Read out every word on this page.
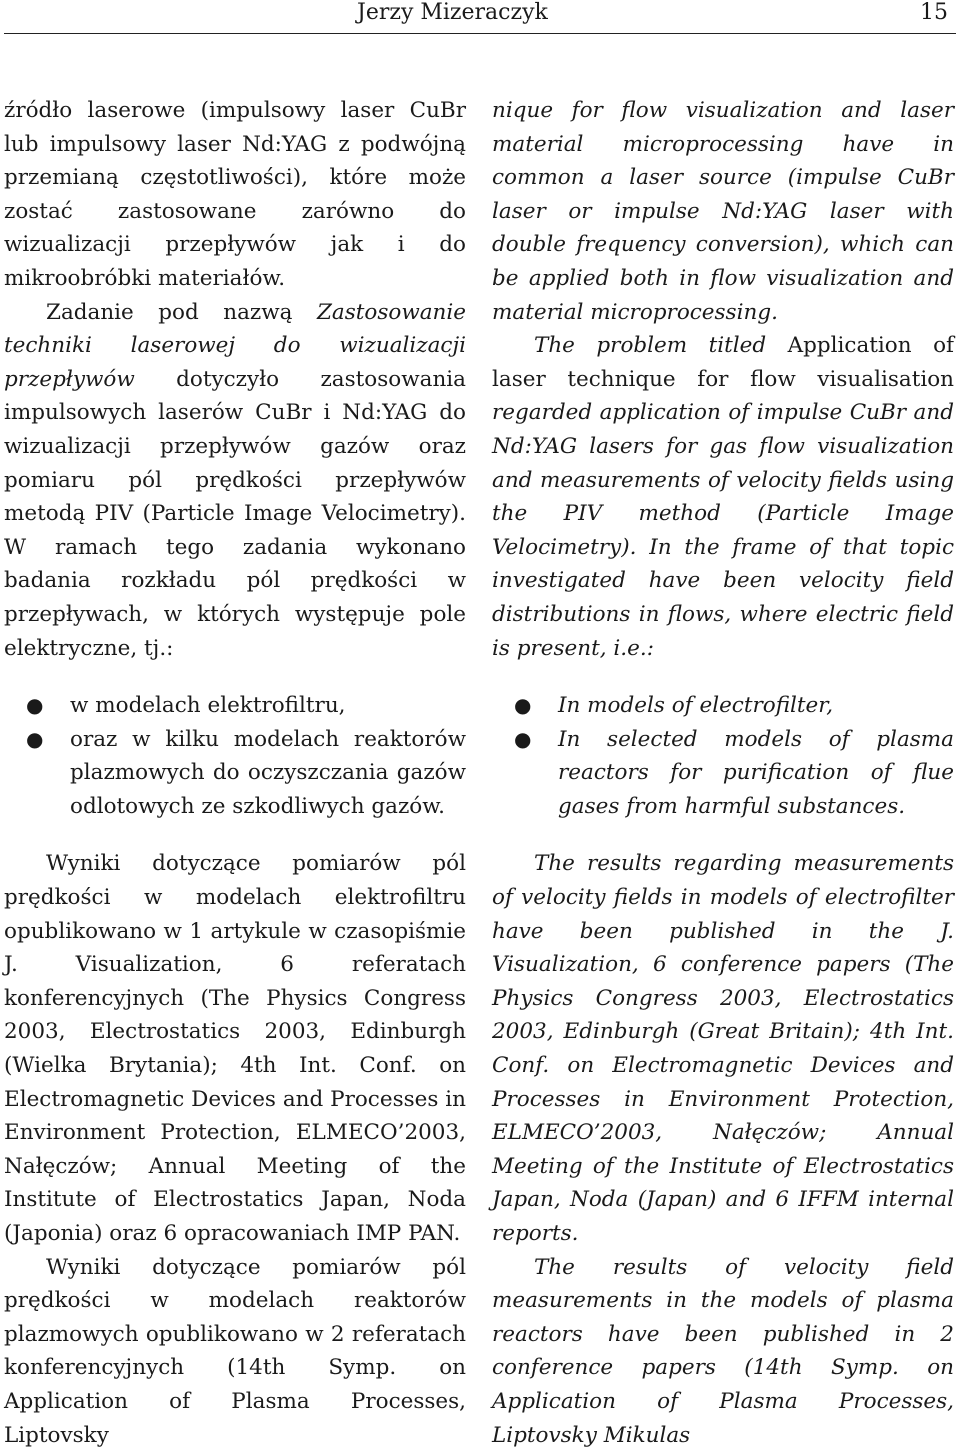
Jerzy Mizeraczyk	15

źródło laserowe (impulsowy laser CuBr lub impulsowy laser Nd:YAG z podwójną przemianą częstotliwości), które może zostać zastosowane zarówno do wizualizacji przepływów jak i do mikroobróbki materiałów.

Zadanie pod nazwą Zastosowanie techniki laserowej do wizualizacji przepływów dotyczyło zastosowania impulsowych laserów CuBr i Nd:YAG do wizualizacji przepływów gazów oraz pomiaru pól prędkości przepływów metodą PIV (Particle Image Velocimetry). W ramach tego zadania wykonano badania rozkładu pól prędkości w przepływach, w których występuje pole elektryczne, tj.:

● w modelach elektrofiltru,
● oraz w kilku modelach reaktorów plazmowych do oczyszczania gazów odlotowych ze szkodliwych gazów.

Wyniki dotyczące pomiarów pól prędkości w modelach elektrofiltru opublikowano w 1 artykule w czasopiśmie J. Visualization, 6 referatach konferencyjnych (The Physics Congress 2003, Electrostatics 2003, Edinburgh (Wielka Brytania); 4th Int. Conf. on Electromagnetic Devices and Processes in Environment Protection, ELMECO’2003, Nałęczów; Annual Meeting of the Institute of Electrostatics Japan, Noda (Japonia) oraz 6 opracowaniach IMP PAN.

Wyniki dotyczące pomiarów pól prędkości w modelach reaktorów plazmowych opublikowano w 2 referatach konferencyjnych (14th Symp. on Application of Plasma Processes, Liptovsky

nique for flow visualization and laser material microprocessing have in common a laser source (impulse CuBr laser or impulse Nd:YAG laser with double frequency conversion), which can be applied both in flow visualization and material microprocessing.

The problem titled Application of laser technique for flow visualisation regarded application of impulse CuBr and Nd:YAG lasers for gas flow visualization and measurements of velocity fields using the PIV method (Particle Image Velocimetry). In the frame of that topic investigated have been velocity field distributions in flows, where electric field is present, i.e.:

● In models of electrofilter,
● In selected models of plasma reactors for purification of flue gases from harmful substances.

The results regarding measurements of velocity fields in models of electrofilter have been published in the J. Visualization, 6 conference papers (The Physics Congress 2003, Electrostatics 2003, Edinburgh (Great Britain); 4th Int. Conf. on Electromagnetic Devices and Processes in Environment Protection, ELMECO’2003, Nałęczów; Annual Meeting of the Institute of Electrostatics Japan, Noda (Japan) and 6 IFFM internal reports.

The results of velocity field measurements in the models of plasma reactors have been published in 2 conference papers (14th Symp. on Application of Plasma Processes, Liptovsky Mikulas
